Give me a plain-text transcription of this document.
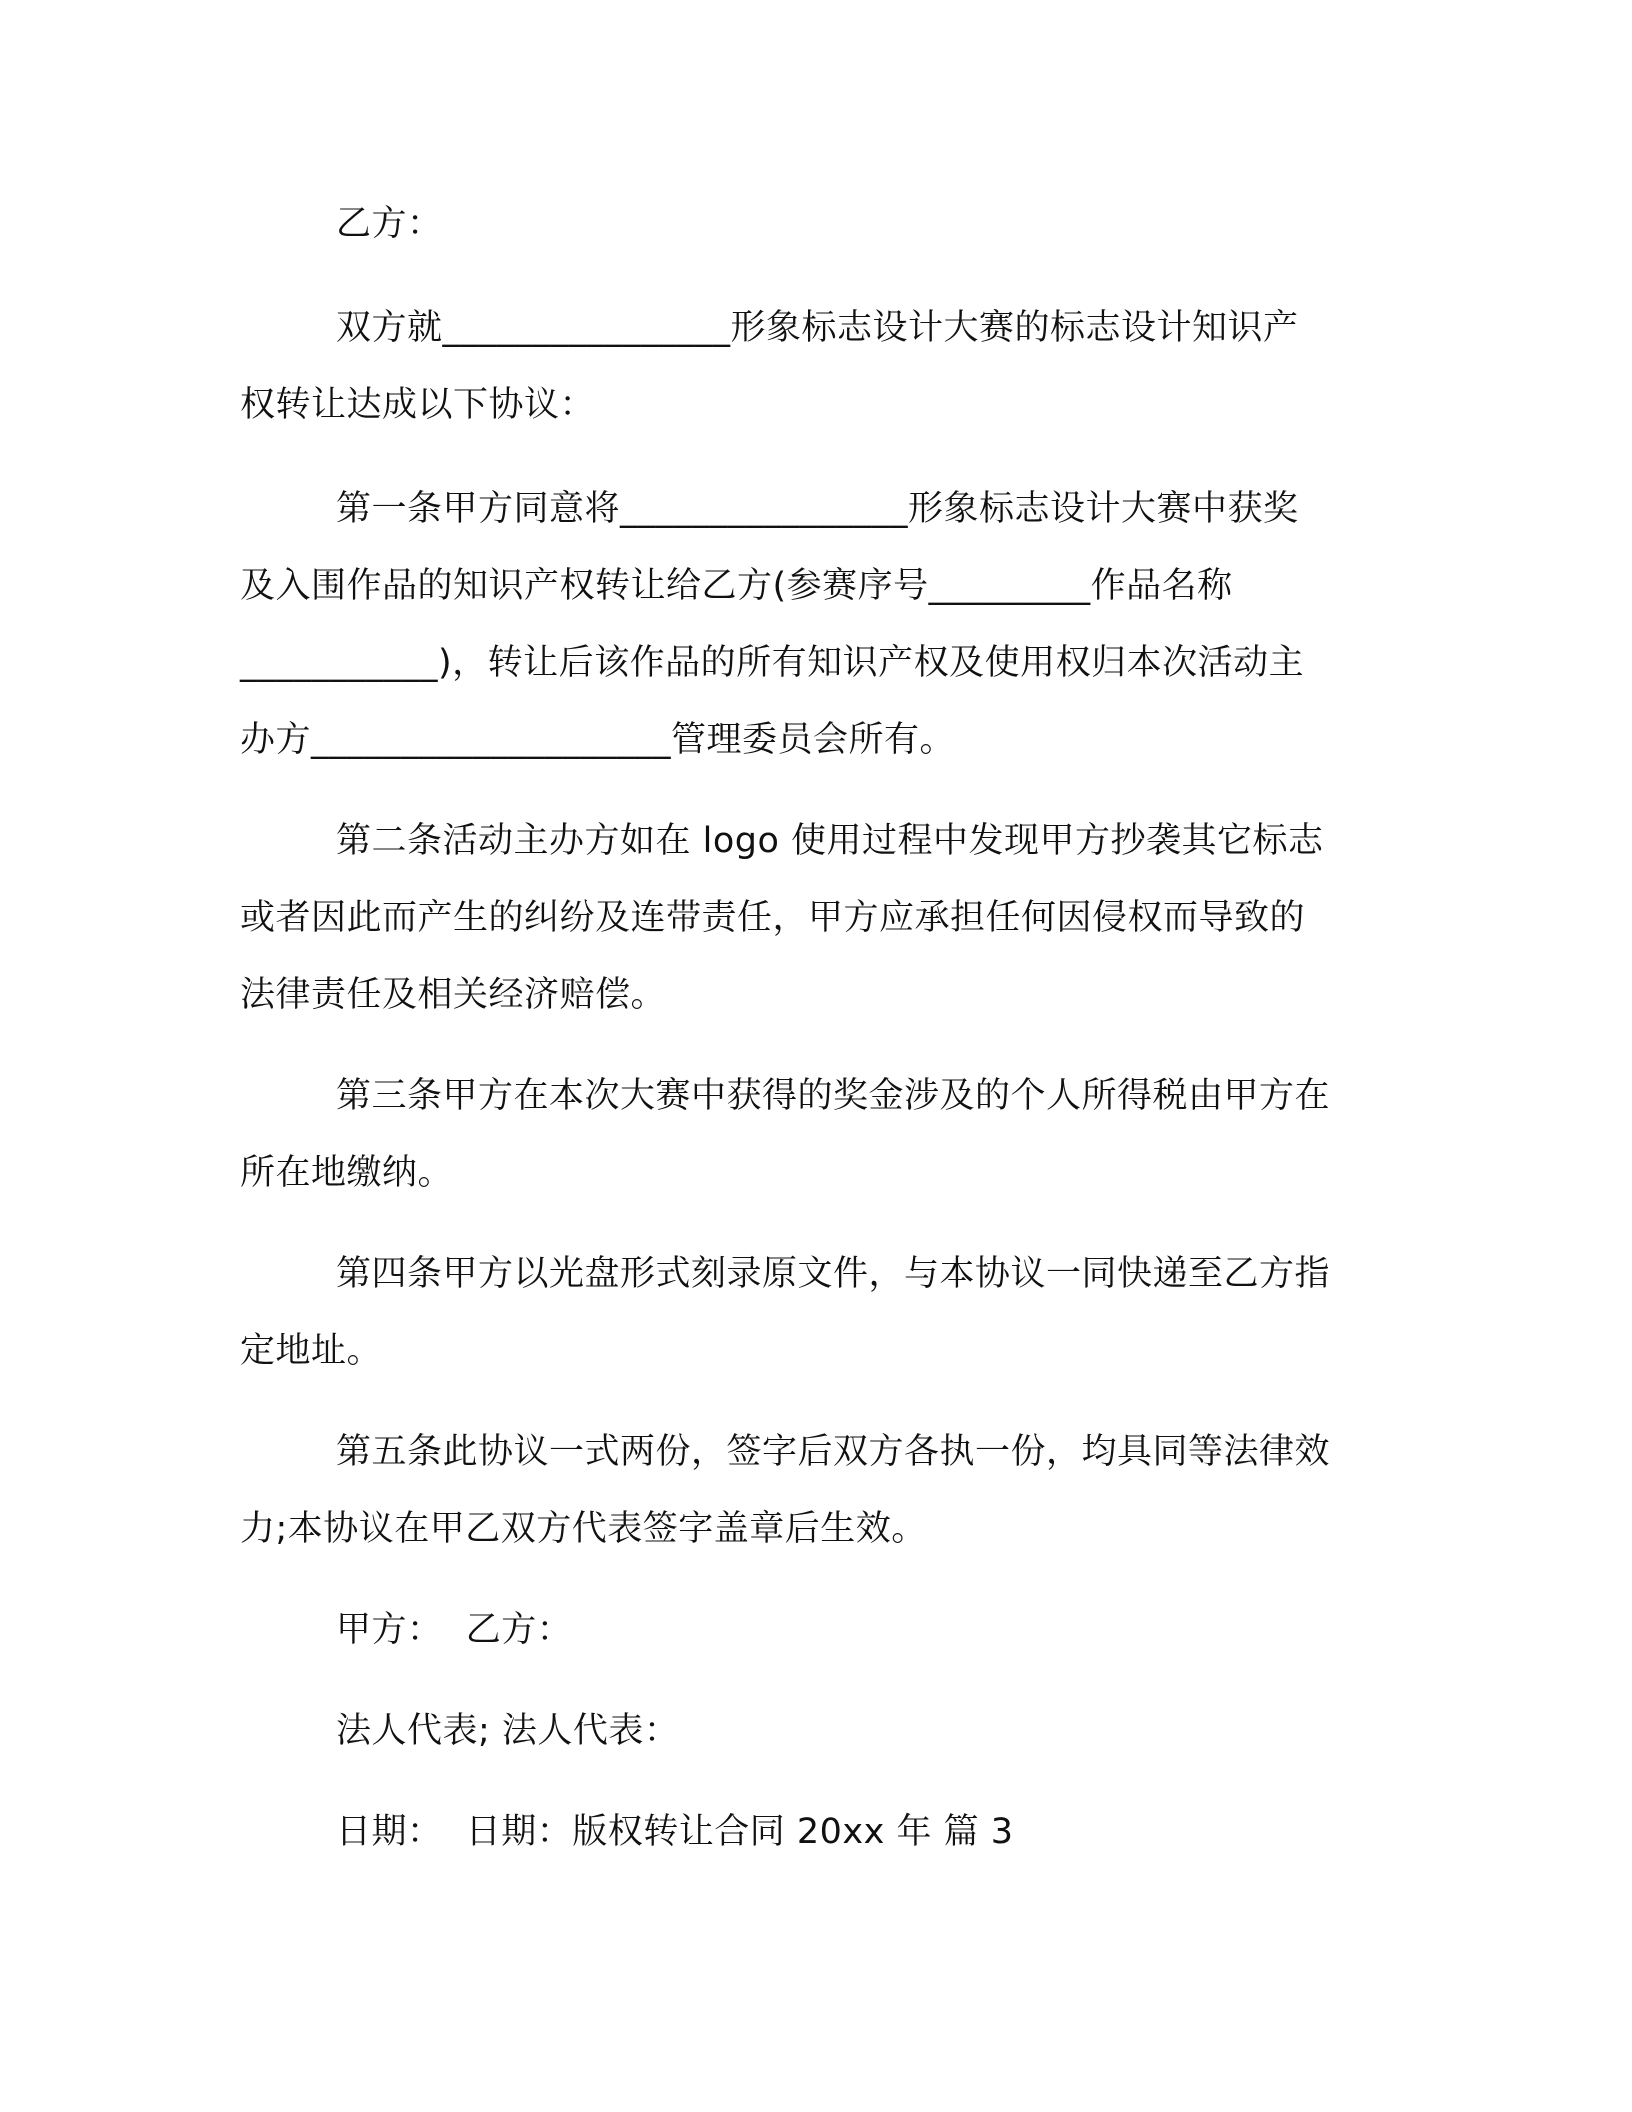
乙方：
双方就________________形象标志设计大赛的标志设计知识产
权转让达成以下协议：
第一条甲方同意将________________形象标志设计大赛中获奖
及入围作品的知识产权转让给乙方(参赛序号_________作品名称
___________)，转让后该作品的所有知识产权及使用权归本次活动主
办方____________________管理委员会所有。
第二条活动主办方如在 logo 使用过程中发现甲方抄袭其它标志
或者因此而产生的纠纷及连带责任，甲方应承担任何因侵权而导致的
法律责任及相关经济赔偿。
第三条甲方在本次大赛中获得的奖金涉及的个人所得税由甲方在
所在地缴纳。
第四条甲方以光盘形式刻录原文件，与本协议一同快递至乙方指
定地址。
第五条此协议一式两份，签字后双方各执一份，均具同等法律效
力;本协议在甲乙双方代表签字盖章后生效。
甲方：  乙方：
法人代表; 法人代表：
日期：  日期：版权转让合同 20xx 年 篇 3
